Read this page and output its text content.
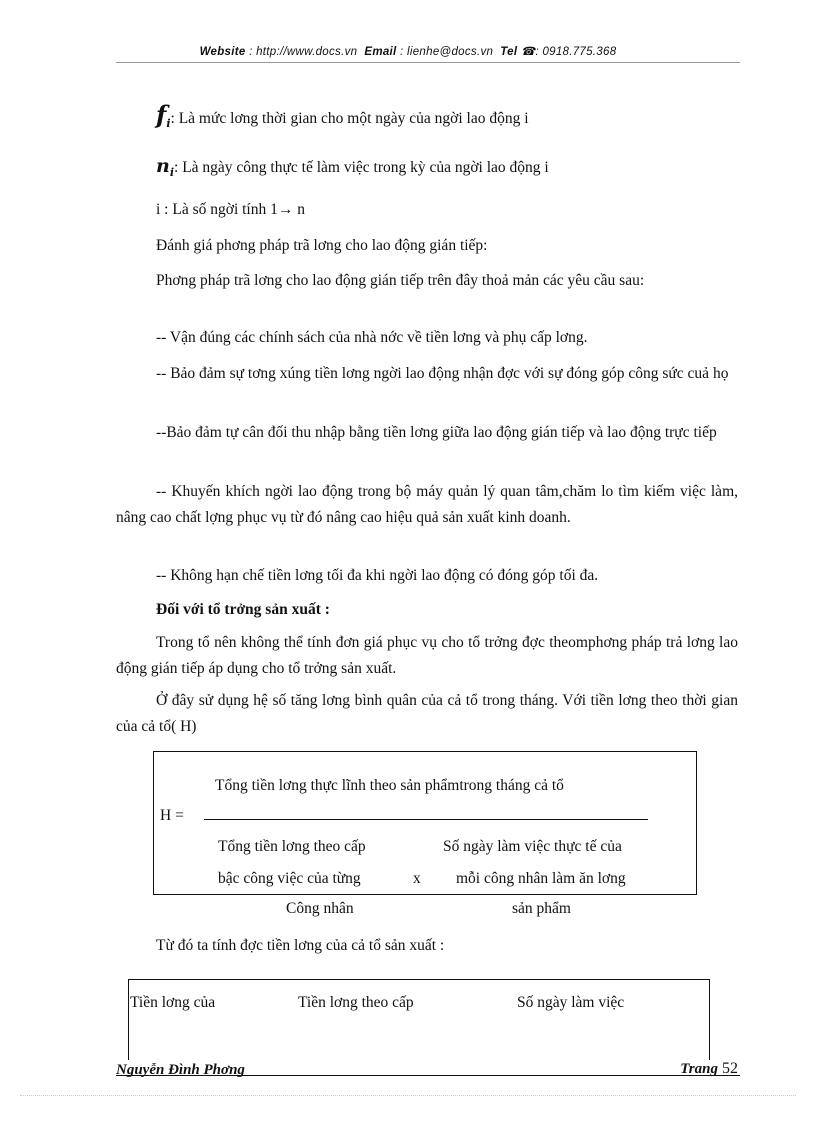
Website : http://www.docs.vn Email : lienhe@docs.vn Tel ☎: 0918.775.368

$f_i$: Là mức lơng thời gian cho một ngày của ngời lao động i

$n_i$: Là ngày công thực tế làm việc trong kỳ của ngời lao động i

i : Là số ngời tính 1→ n

Đánh giá phơng pháp trã lơng cho lao động gián tiếp:

Phơng pháp trã lơng cho lao động gián tiếp trên đây thoả mản các yêu cầu sau:

-- Vận đúng các chính sách của nhà nớc về tiền lơng và phụ cấp lơng.

-- Bảo đảm sự tơng xúng tiền lơng ngời lao động nhận đợc với sự đóng góp công sức cuả họ

--Bảo đảm tự cân đối thu nhập bằng tiền lơng giữa lao động gián tiếp và lao động trực tiếp

-- Khuyến khích ngời lao động trong bộ máy quản lý quan tâm,chăm lo tìm kiếm việc làm, nâng cao chất lợng phục vụ từ đó nâng cao hiệu quả sản xuất kinh doanh.

-- Không hạn chế tiền lơng tối đa khi ngời lao động có đóng góp tối đa.

Đối với tổ trởng sản xuất :

Trong tổ nên không thể tính đơn giá phục vụ cho tổ trởng đợc theomphơng pháp trả lơng lao động gián tiếp áp dụng cho tổ trởng sản xuất.

Ở đây sử dụng hệ số tăng lơng bình quân của cả tổ trong tháng. Với tiền lơng theo thời gian của cả tổ( H)

Tổng tiền lơng thực lĩnh theo sản phẩmtrong tháng cả tổ
H =
Tổng tiền lơng theo cấp	Số ngày làm việc thực tế của
bậc công việc của từng	x mỗi công nhân làm ăn lơng
Công nhân	sản phẩm

Từ đó ta tính đợc tiền lơng của cả tổ sản xuất :

Tiền lơng của	Tiền lơng theo cấp	Số ngày làm việc
Nguyễn Đình Phơng	Trang 52
